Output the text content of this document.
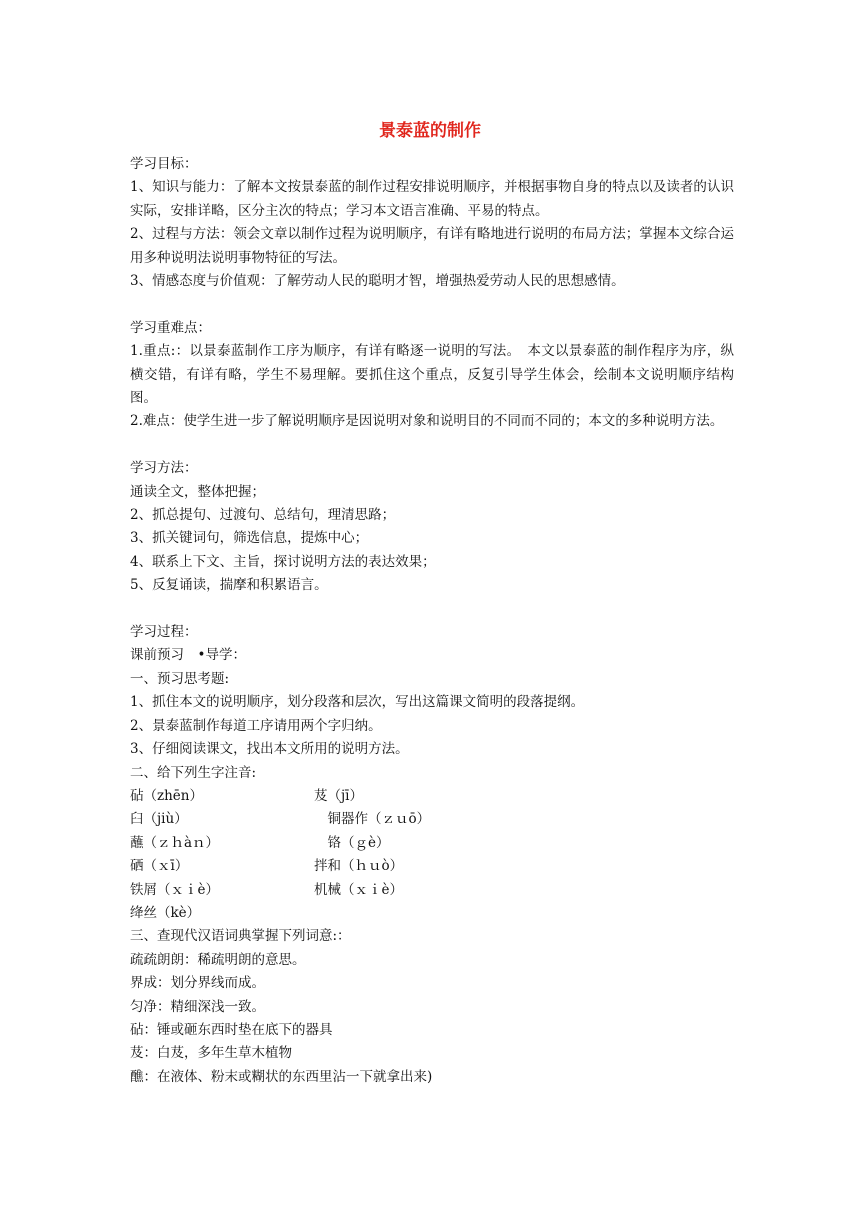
景泰蓝的制作
学习目标：
1、知识与能力：了解本文按景泰蓝的制作过程安排说明顺序，并根据事物自身的特点以及读者的认识实际，安排详略，区分主次的特点；学习本文语言准确、平易的特点。
2、过程与方法：领会文章以制作过程为说明顺序，有详有略地进行说明的布局方法；掌握本文综合运用多种说明法说明事物特征的写法。
3、情感态度与价值观：了解劳动人民的聪明才智，增强热爱劳动人民的思想感情。
学习重难点：
1.重点:：以景泰蓝制作工序为顺序，有详有略逐一说明的写法。　本文以景泰蓝的制作程序为序，纵横交错，有详有略，学生不易理解。要抓住这个重点，反复引导学生体会，绘制本文说明顺序结构图。
2.难点：使学生进一步了解说明顺序是因说明对象和说明目的不同而不同的；本文的多种说明方法。
学习方法：
通读全文，整体把握；
2、抓总提句、过渡句、总结句，理清思路；
3、抓关键词句，筛选信息，提炼中心；
4、联系上下文、主旨，探讨说明方法的表达效果；
5、反复诵读，揣摩和积累语言。
学习过程：
课前预习　•导学：
一、预习思考题:
1、抓住本文的说明顺序，划分段落和层次，写出这篇课文简明的段落提纲。
2、景泰蓝制作每道工序请用两个字归纳。
3、仔细阅读课文，找出本文所用的说明方法。
二、给下列生字注音:
砧（zhēn）	芨（jī）
臼（jiù）	　铜器作（ｚｕō）
蘸（ｚｈàｎ）	　铬（ｇè）
硒（ｘī）	拌和（ｈｕò）
铁屑（ｘｉè）	机械（ｘｉè）
绛丝（kè）
三、查现代汉语词典掌握下列词意:：
疏疏朗朗：稀疏明朗的意思。
界成：划分界线而成。
匀净：精细深浅一致。
砧：锤或砸东西时垫在底下的器具
芨：白芨，多年生草木植物
醮：在液体、粉末或糊状的东西里沾一下就拿出来)
